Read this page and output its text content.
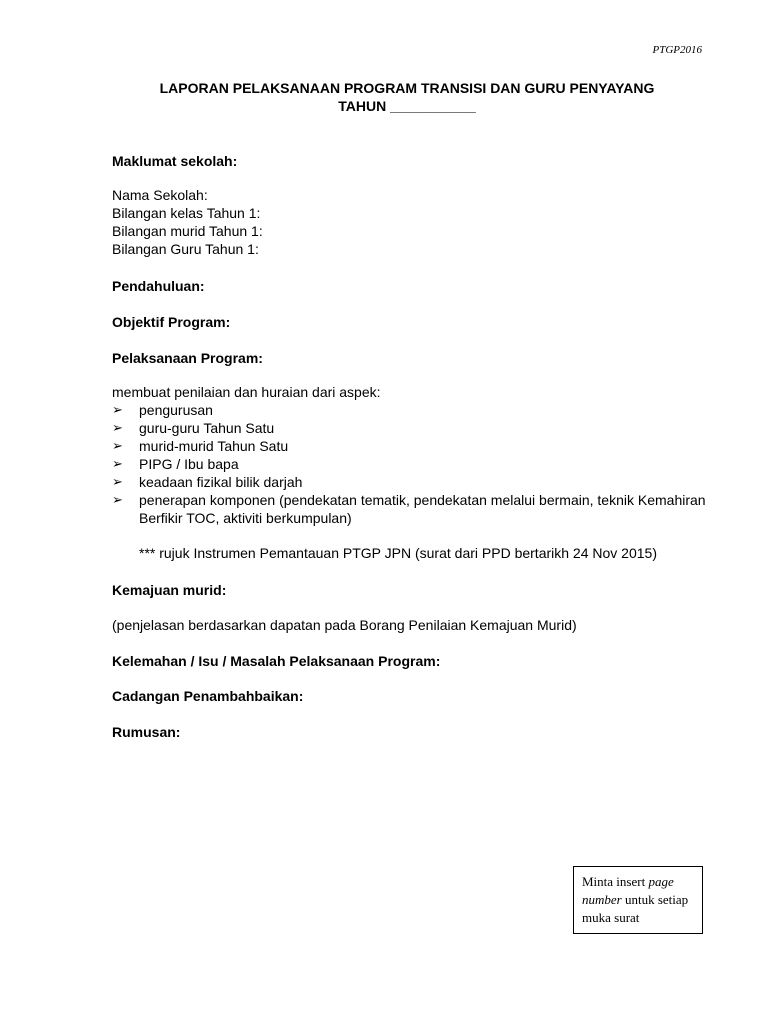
PTGP2016
LAPORAN PELAKSANAAN PROGRAM TRANSISI DAN GURU PENYAYANG
TAHUN ___________
Maklumat sekolah:
Nama Sekolah:
Bilangan kelas Tahun 1:
Bilangan murid Tahun 1:
Bilangan Guru Tahun 1:
Pendahuluan:
Objektif Program:
Pelaksanaan Program:
membuat penilaian dan huraian dari aspek:
➢ pengurusan
➢ guru-guru Tahun Satu
➢ murid-murid Tahun Satu
➢ PIPG / Ibu bapa
➢ keadaan fizikal bilik darjah
➢ penerapan komponen (pendekatan tematik, pendekatan melalui bermain, teknik Kemahiran Berfikir TOC, aktiviti berkumpulan)
*** rujuk Instrumen Pemantauan PTGP JPN (surat dari PPD bertarikh 24 Nov 2015)
Kemajuan murid:
(penjelasan berdasarkan dapatan pada Borang Penilaian Kemajuan Murid)
Kelemahan / Isu / Masalah Pelaksanaan Program:
Cadangan Penambahbaikan:
Rumusan:
Minta insert page number untuk setiap muka surat
